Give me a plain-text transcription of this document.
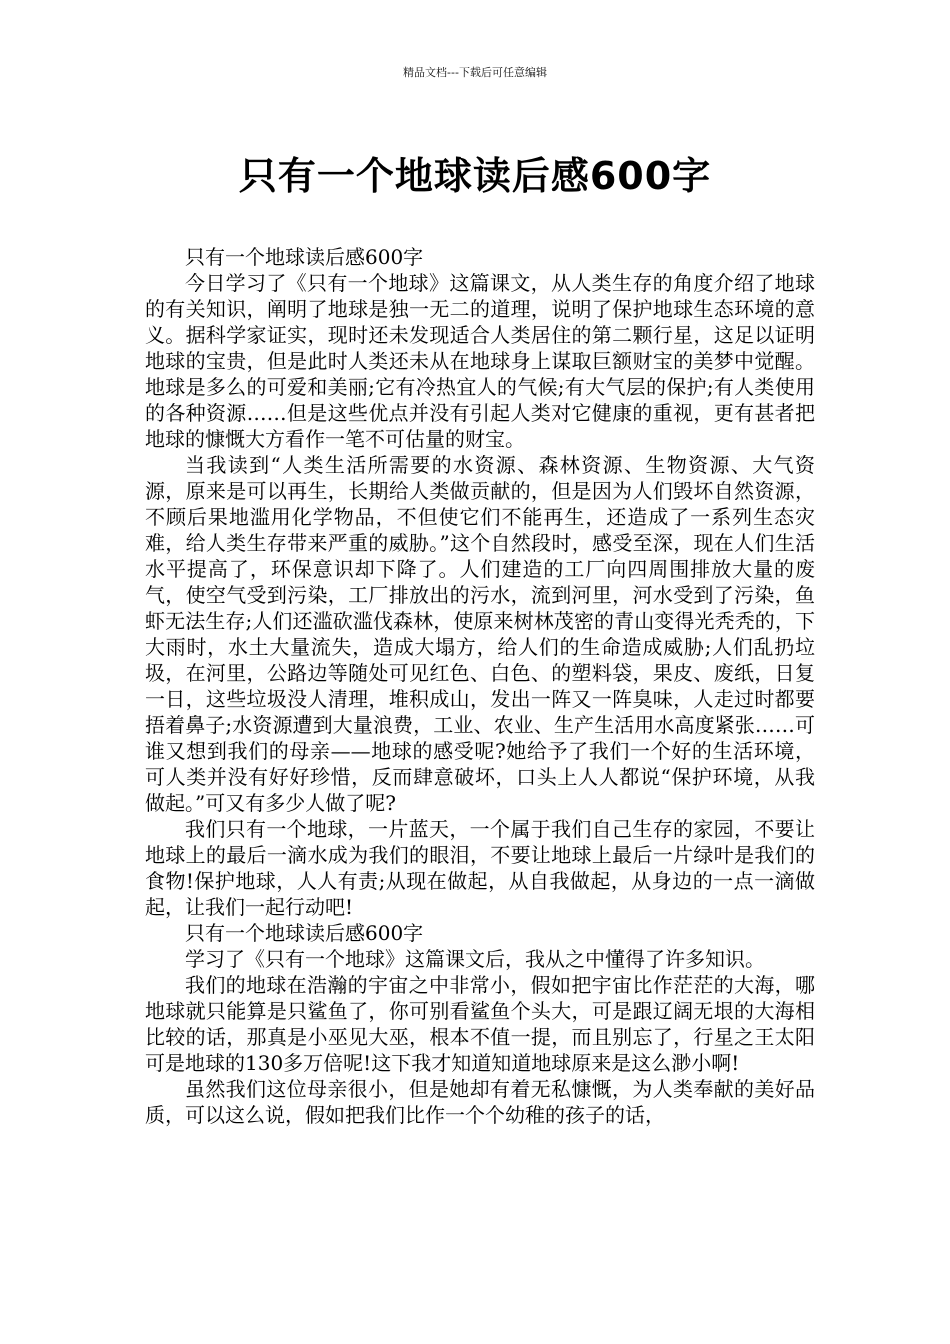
精品文档---下载后可任意编辑
只有一个地球读后感600字

只有一个地球读后感600字

今日学习了《只有一个地球》这篇课文，从人类生存的角度介绍了地球的有关知识，阐明了地球是独一无二的道理，说明了保护地球生态环境的意义。据科学家证实，现时还未发现适合人类居住的第二颗行星，这足以证明地球的宝贵，但是此时人类还未从在地球身上谋取巨额财宝的美梦中觉醒。地球是多么的可爱和美丽;它有冷热宜人的气候;有大气层的保护;有人类使用的各种资源……但是这些优点并没有引起人类对它健康的重视，更有甚者把地球的慷慨大方看作一笔不可估量的财宝。

当我读到“人类生活所需要的水资源、森林资源、生物资源、大气资源，原来是可以再生，长期给人类做贡献的，但是因为人们毁坏自然资源，不顾后果地滥用化学物品，不但使它们不能再生，还造成了一系列生态灾难，给人类生存带来严重的威胁。”这个自然段时，感受至深，现在人们生活水平提高了，环保意识却下降了。人们建造的工厂向四周围排放大量的废气，使空气受到污染，工厂排放出的污水，流到河里，河水受到了污染，鱼虾无法生存;人们还滥砍滥伐森林，使原来树林茂密的青山变得光秃秃的，下大雨时，水土大量流失，造成大塌方，给人们的生命造成威胁;人们乱扔垃圾，在河里，公路边等随处可见红色、白色、的塑料袋，果皮、废纸，日复一日，这些垃圾没人清理，堆积成山，发出一阵又一阵臭味，人走过时都要捂着鼻子;水资源遭到大量浪费，工业、农业、生产生活用水高度紧张……可谁又想到我们的母亲——地球的感受呢?她给予了我们一个好的生活环境，可人类并没有好好珍惜，反而肆意破坏，口头上人人都说“保护环境，从我做起。”可又有多少人做了呢?

我们只有一个地球，一片蓝天，一个属于我们自己生存的家园，不要让地球上的最后一滴水成为我们的眼泪，不要让地球上最后一片绿叶是我们的食物!保护地球，人人有责;从现在做起，从自我做起，从身边的一点一滴做起，让我们一起行动吧!

只有一个地球读后感600字

学习了《只有一个地球》这篇课文后，我从之中懂得了许多知识。

我们的地球在浩瀚的宇宙之中非常小，假如把宇宙比作茫茫的大海，哪地球就只能算是只鲨鱼了，你可别看鲨鱼个头大，可是跟辽阔无垠的大海相比较的话，那真是小巫见大巫，根本不值一提，而且别忘了，行星之王太阳可是地球的130多万倍呢!这下我才知道知道地球原来是这么渺小啊!

虽然我们这位母亲很小，但是她却有着无私慷慨，为人类奉献的美好品质，可以这么说，假如把我们比作一个个幼稚的孩子的话，
